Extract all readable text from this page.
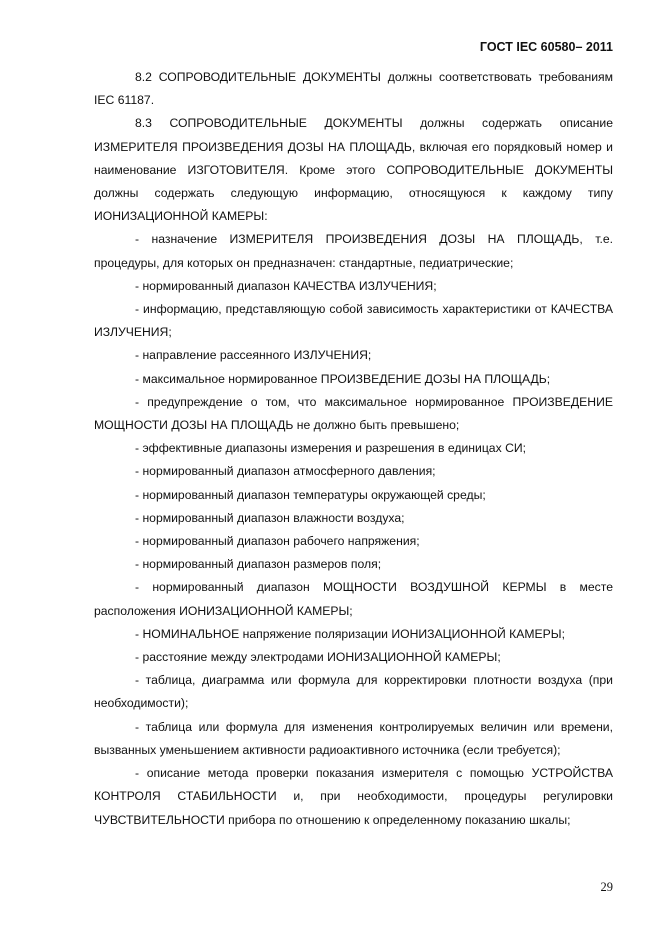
ГОСТ IEC 60580– 2011

8.2 СОПРОВОДИТЕЛЬНЫЕ ДОКУМЕНТЫ должны соответствовать требованиям IEC 61187.

8.3 СОПРОВОДИТЕЛЬНЫЕ ДОКУМЕНТЫ должны содержать описание ИЗМЕРИТЕЛЯ ПРОИЗВЕДЕНИЯ ДОЗЫ НА ПЛОЩАДЬ, включая его порядковый номер и наименование ИЗГОТОВИТЕЛЯ. Кроме этого СОПРОВОДИТЕЛЬНЫЕ ДОКУМЕНТЫ должны содержать следующую информацию, относящуюся к каждому типу ИОНИЗАЦИОННОЙ КАМЕРЫ:

- назначение ИЗМЕРИТЕЛЯ ПРОИЗВЕДЕНИЯ ДОЗЫ НА ПЛОЩАДЬ, т.е. процедуры, для которых он предназначен: стандартные, педиатрические;

- нормированный диапазон КАЧЕСТВА ИЗЛУЧЕНИЯ;

- информацию, представляющую собой зависимость характеристики от КАЧЕСТВА ИЗЛУЧЕНИЯ;

- направление рассеянного ИЗЛУЧЕНИЯ;

- максимальное нормированное ПРОИЗВЕДЕНИЕ ДОЗЫ НА ПЛОЩАДЬ;

- предупреждение о том, что максимальное нормированное ПРОИЗВЕДЕНИЕ МОЩНОСТИ ДОЗЫ НА ПЛОЩАДЬ не должно быть превышено;

- эффективные диапазоны измерения и разрешения в единицах СИ;

- нормированный диапазон атмосферного давления;

- нормированный диапазон температуры окружающей среды;

- нормированный диапазон влажности воздуха;

- нормированный диапазон рабочего напряжения;

- нормированный диапазон размеров поля;

- нормированный диапазон МОЩНОСТИ ВОЗДУШНОЙ КЕРМЫ в месте расположения ИОНИЗАЦИОННОЙ КАМЕРЫ;

- НОМИНАЛЬНОЕ напряжение поляризации ИОНИЗАЦИОННОЙ КАМЕРЫ;

- расстояние между электродами ИОНИЗАЦИОННОЙ КАМЕРЫ;

- таблица, диаграмма или формула для корректировки плотности воздуха (при необходимости);

- таблица или формула для изменения контролируемых величин или времени, вызванных уменьшением активности радиоактивного источника (если требуется);

- описание метода проверки показания измерителя с помощью УСТРОЙСТВА КОНТРОЛЯ СТАБИЛЬНОСТИ и, при необходимости, процедуры регулировки ЧУВСТВИТЕЛЬНОСТИ прибора по отношению к определенному показанию шкалы;

29
